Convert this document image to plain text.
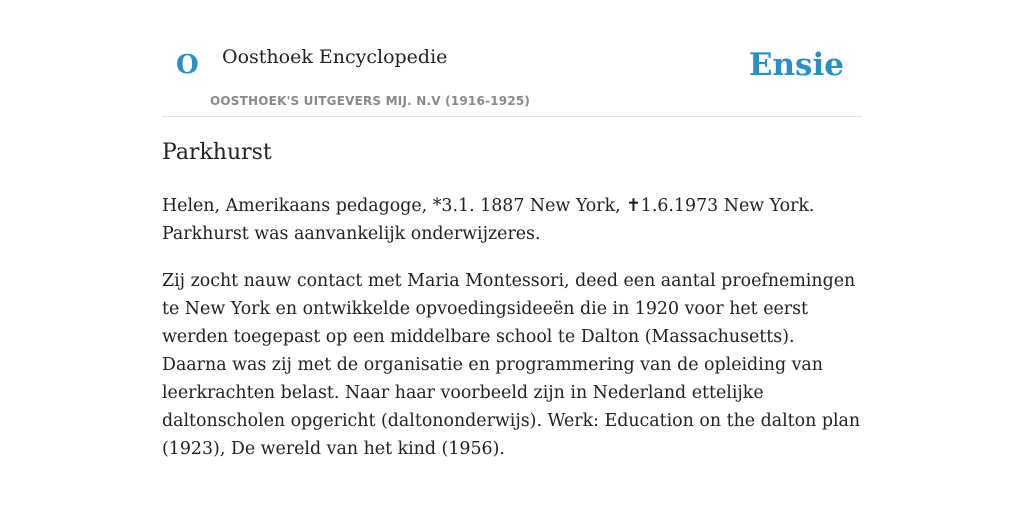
O Oosthoek Encyclopedie
OOSTHOEK'S UITGEVERS MIJ. N.V (1916-1925)
Ensie
Parkhurst

Helen, Amerikaans pedagoge, *3.1. 1887 New York, ✝1.6.1973 New York. Parkhurst was aanvankelijk onderwijzeres.

Zij zocht nauw contact met Maria Montessori, deed een aantal proefnemingen te New York en ontwikkelde opvoedingsideeën die in 1920 voor het eerst werden toegepast op een middelbare school te Dalton (Massachusetts). Daarna was zij met de organisatie en programmering van de opleiding van leerkrachten belast. Naar haar voorbeeld zijn in Nederland ettelijke daltonscholen opgericht (daltononderwijs). Werk: Education on the dalton plan (1923), De wereld van het kind (1956).
